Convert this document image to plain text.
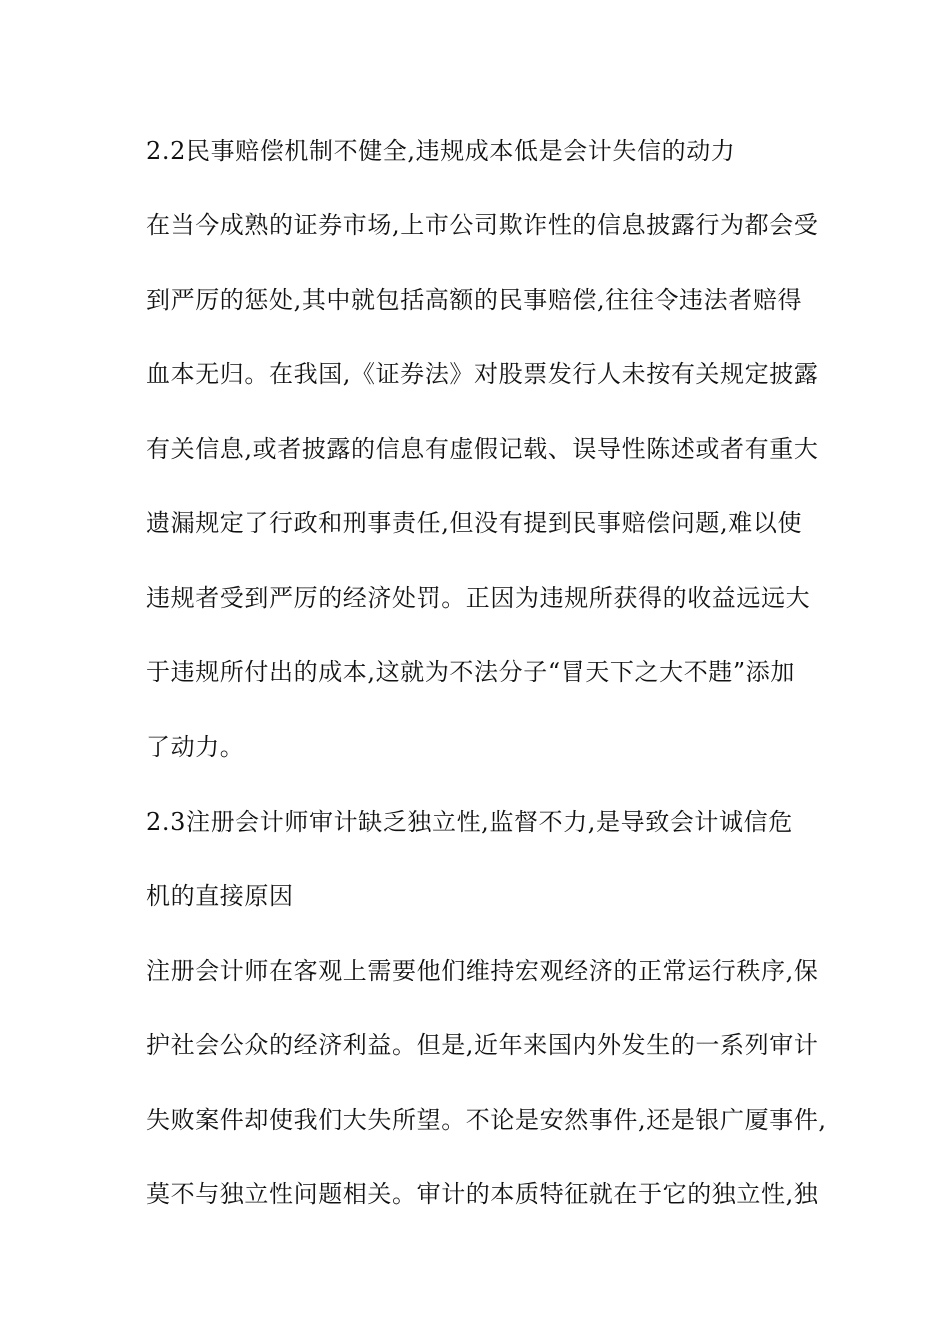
2.2民事赔偿机制不健全,违规成本低是会计失信的动力
在当今成熟的证券市场,上市公司欺诈性的信息披露行为都会受
到严厉的惩处,其中就包括高额的民事赔偿,往往令违法者赔得
血本无归。在我国,《证券法》对股票发行人未按有关规定披露
有关信息,或者披露的信息有虚假记载、误导性陈述或者有重大
遗漏规定了行政和刑事责任,但没有提到民事赔偿问题,难以使
违规者受到严厉的经济处罚。正因为违规所获得的收益远远大
于违规所付出的成本,这就为不法分子“冒天下之大不韪”添加
了动力。
2.3注册会计师审计缺乏独立性,监督不力,是导致会计诚信危
机的直接原因
注册会计师在客观上需要他们维持宏观经济的正常运行秩序,保
护社会公众的经济利益。但是,近年来国内外发生的一系列审计
失败案件却使我们大失所望。不论是安然事件,还是银广厦事件,
莫不与独立性问题相关。审计的本质特征就在于它的独立性,独
